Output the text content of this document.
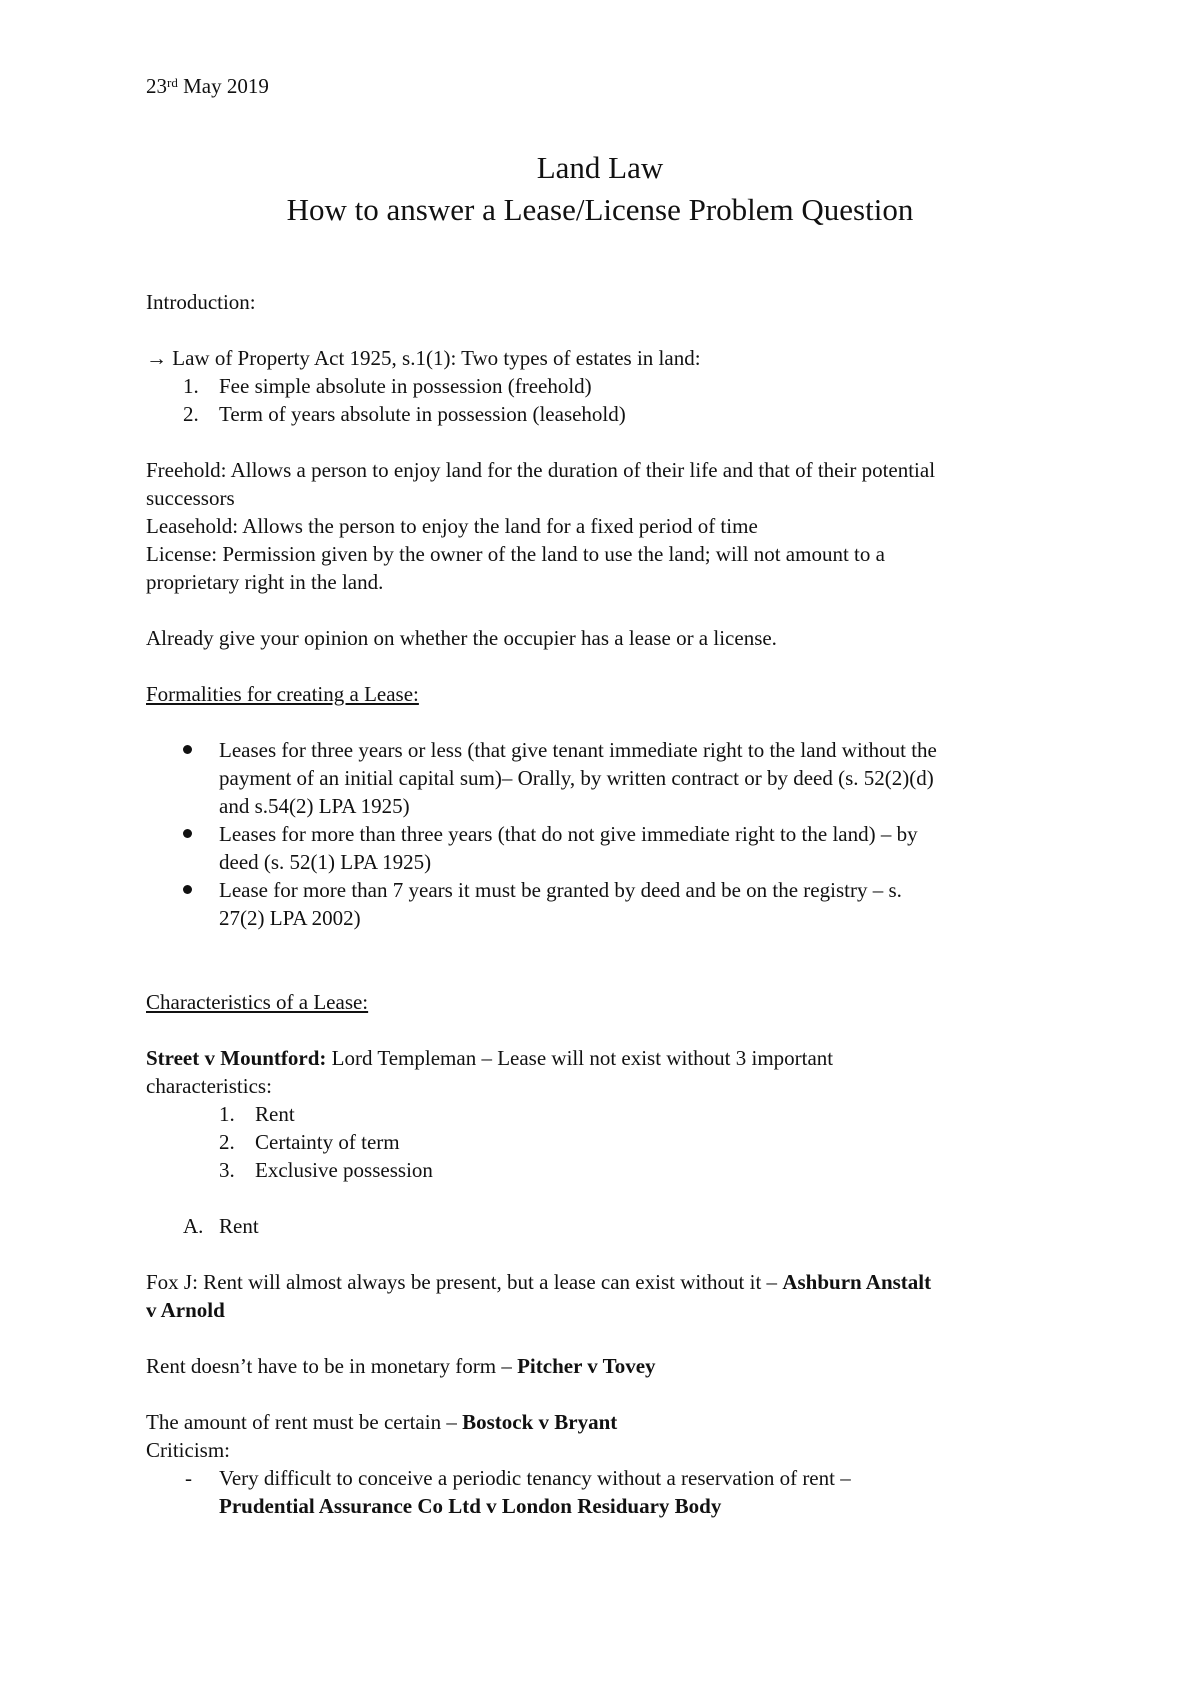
23rd May 2019
Land Law
How to answer a Lease/License Problem Question
Introduction:
→ Law of Property Act 1925, s.1(1): Two types of estates in land:
1. Fee simple absolute in possession (freehold)
2. Term of years absolute in possession (leasehold)
Freehold: Allows a person to enjoy land for the duration of their life and that of their potential
successors
Leasehold: Allows the person to enjoy the land for a fixed period of time
License: Permission given by the owner of the land to use the land; will not amount to a
proprietary right in the land.
Already give your opinion on whether the occupier has a lease or a license.
Formalities for creating a Lease:
Leases for three years or less (that give tenant immediate right to the land without the
payment of an initial capital sum)– Orally, by written contract or by deed (s. 52(2)(d)
and s.54(2) LPA 1925)
Leases for more than three years (that do not give immediate right to the land) – by
deed (s. 52(1) LPA 1925)
Lease for more than 7 years it must be granted by deed and be on the registry – s.
27(2) LPA 2002)
Characteristics of a Lease:
Street v Mountford: Lord Templeman – Lease will not exist without 3 important
characteristics:
1. Rent
2. Certainty of term
3. Exclusive possession
A. Rent
Fox J: Rent will almost always be present, but a lease can exist without it – Ashburn Anstalt
v Arnold
Rent doesn’t have to be in monetary form – Pitcher v Tovey
The amount of rent must be certain – Bostock v Bryant
Criticism:
- Very difficult to conceive a periodic tenancy without a reservation of rent –
Prudential Assurance Co Ltd v London Residuary Body
